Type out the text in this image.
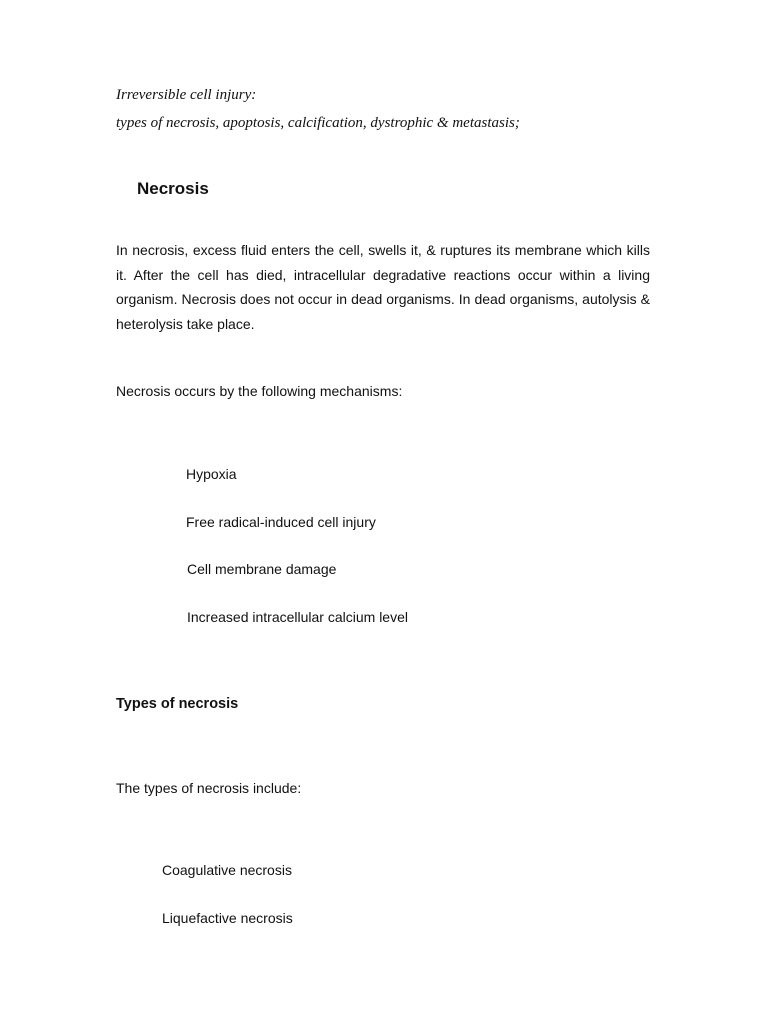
Irreversible cell injury:
types of necrosis, apoptosis, calcification, dystrophic & metastasis;
Necrosis
In necrosis, excess fluid enters the cell, swells it, & ruptures its membrane which kills it. After the cell has died, intracellular degradative reactions occur within a living organism. Necrosis does not occur in dead organisms. In dead organisms, autolysis & heterolysis take place.
Necrosis occurs by the following mechanisms:
Hypoxia
Free radical-induced cell injury
Cell membrane damage
Increased intracellular calcium level
Types of necrosis
The types of necrosis include:
Coagulative necrosis
Liquefactive necrosis
